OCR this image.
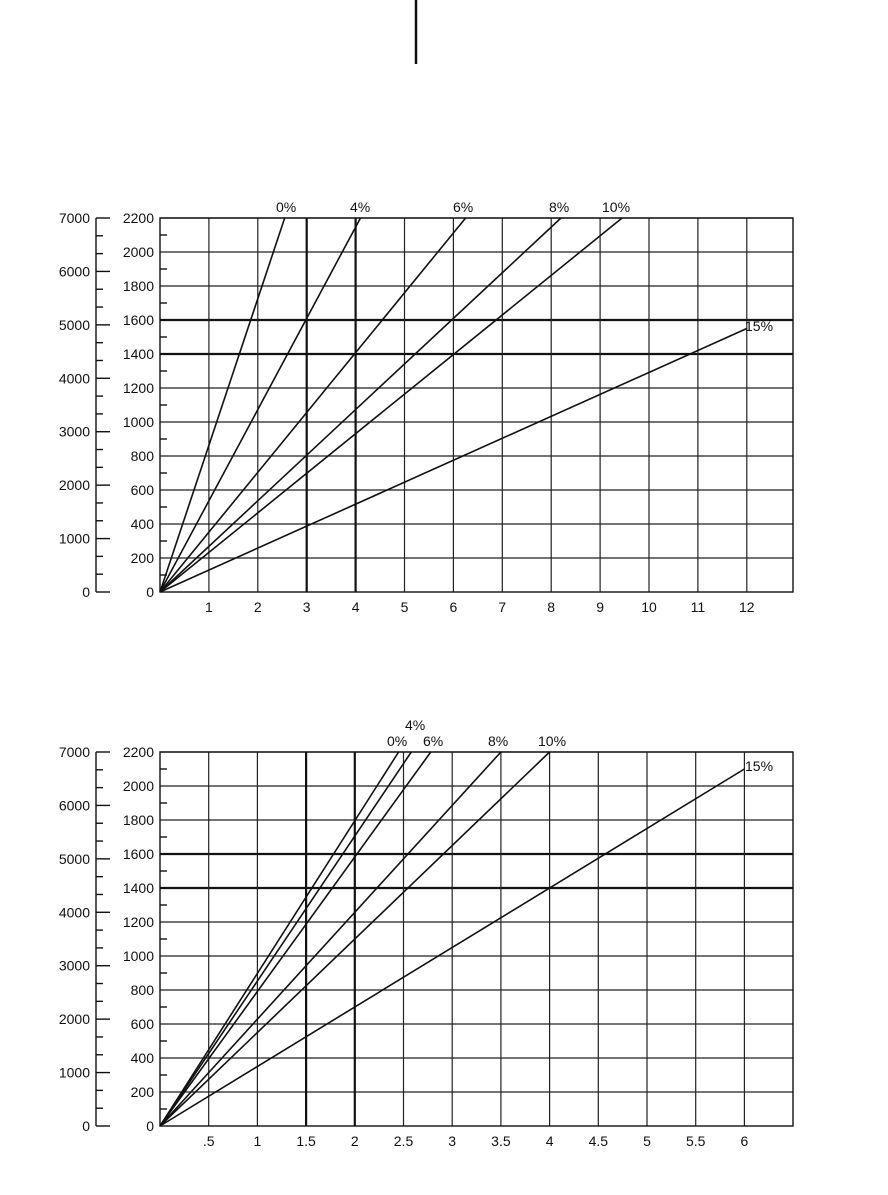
0
200
400
600
800
1000
1200
1400
1600
1800
2000
2200
0
1000
2000
3000
4000
5000
6000
7000
1	2	3	4	5	6	7	8	9	10 11 12
0%	4%	6%	8% 10%
15%
0
200
400
600
800
1000
1200
1400
1600
1800
2000
2200
0
1000
2000
3000
4000
5000
6000
7000
.5	1	1.5	2	2.5	3	3.5	4	4.5	5	5.5	6
0%
4%
6%	8% 10%
15%
